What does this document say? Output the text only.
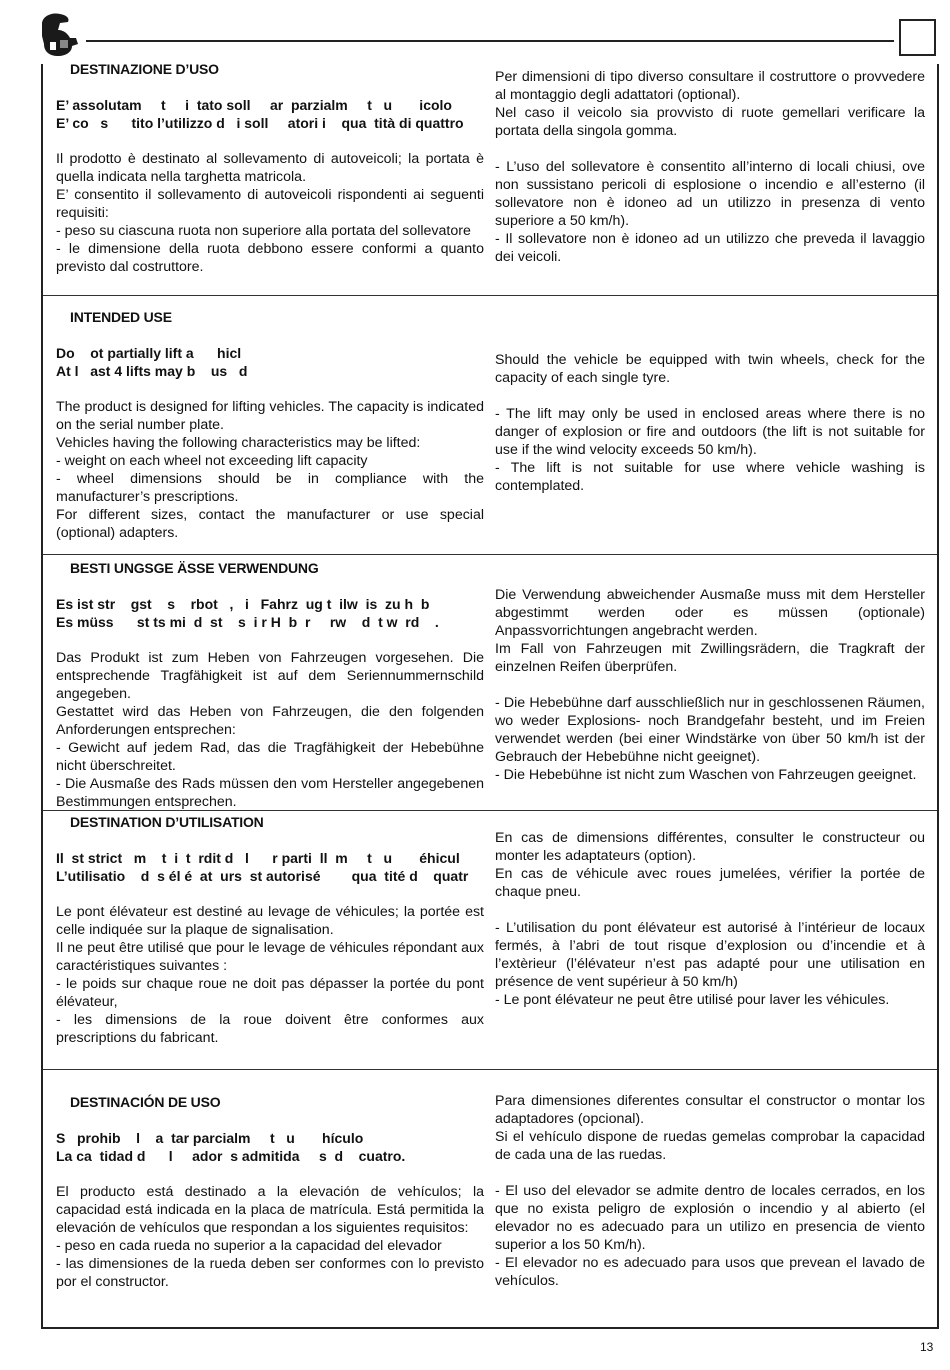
DESTINAZIONE D’USO

E’ assolutam     t     i  tato soll     ar  parzialm     t   u       icolo

E’ co   s      tito l’utilizzo d   i soll     atori i    qua  tità di quattro

Il prodotto è destinato al sollevamento di autoveicoli; la portata è quella indicata nella targhetta matricola.

E’ consentito il sollevamento di autoveicoli rispondenti ai seguenti requisiti:

- peso su ciascuna ruota non superiore alla portata del sollevatore

- le dimensione della ruota debbono essere conformi a quanto previsto dal costruttore.

Per dimensioni di tipo diverso consultare il costruttore o provvedere al montaggio degli adattatori (optional).

Nel caso il veicolo sia provvisto di ruote gemellari verificare la portata della singola gomma.

- L’uso del sollevatore è consentito all’interno di locali chiusi, ove non sussistano pericoli di esplosione o incendio e all’esterno (il sollevatore non è idoneo ad un utilizzo in presenza di vento superiore a 50 km/h).

- Il sollevatore non è idoneo ad un utilizzo che preveda il lavaggio dei veicoli.

INTENDED USE

Do    ot partially lift a      hicl

At l   ast 4 lifts may b    us   d

The product is designed for lifting vehicles. The capacity is indicated on the serial number plate.

Vehicles having the following characteristics may be lifted:

- weight on each wheel not exceeding lift capacity

- wheel dimensions should be in compliance with the manufacturer’s prescriptions.

For different sizes, contact the manufacturer or use special (optional) adapters.

Should the vehicle be equipped with twin wheels, check for the capacity of each single tyre.

- The lift may only be used in enclosed areas where there is no danger of explosion or fire and outdoors (the lift is not suitable for use if the wind velocity exceeds 50 km/h).

- The lift is not suitable for use where vehicle washing is contemplated.

BESTI UNGSGE ÄSSE VERWENDUNG

Es ist str    gst    s    rbot   ,   i   Fahrz  ug t  ilw  is  zu h  b

Es müss      st ts mi  d  st    s  i r H  b  r     rw    d  t w  rd    .

Das Produkt ist zum Heben von Fahrzeugen vorgesehen. Die entsprechende Tragfähigkeit ist auf dem Seriennummernschild angegeben.

Gestattet wird das Heben von Fahrzeugen, die den folgenden Anforderungen entsprechen:

- Gewicht auf jedem Rad, das die Tragfähigkeit der Hebebühne nicht überschreitet.

- Die Ausmaße des Rads müssen den vom Hersteller angegebenen Bestimmungen entsprechen.

Die Verwendung abweichender Ausmaße muss mit dem Hersteller abgestimmt werden oder es müssen (optionale) Anpassvorrichtungen angebracht werden.

Im Fall von Fahrzeugen mit Zwillingsrädern, die Tragkraft der einzelnen Reifen überprüfen.

- Die Hebebühne darf ausschließlich nur in geschlossenen Räumen, wo weder Explosions- noch Brandgefahr besteht, und im Freien verwendet werden (bei einer Windstärke von über 50 km/h ist der Gebrauch der Hebebühne nicht geeignet).

- Die Hebebühne ist nicht zum Waschen von Fahrzeugen geeignet.

DESTINATION D’UTILISATION

Il  st strict   m    t  i  t  rdit d   l      r parti  ll  m     t   u       éhicul

L’utilisatio    d  s él é  at  urs  st autorisé        qua  tité d    quatr

Le pont élévateur est destiné au levage de véhicules; la portée est celle indiquée sur la plaque de signalisation.

Il ne peut être utilisé que pour le levage de véhicules répondant aux caractéristiques suivantes :

- le poids sur chaque roue ne doit pas dépasser la portée du pont élévateur,

- les dimensions de la roue doivent être conformes aux prescriptions du fabricant.

En cas de dimensions différentes, consulter le constructeur ou monter les adaptateurs (option).

En cas de véhicule avec roues jumelées, vérifier la portée de chaque pneu.

- L’utilisation du pont élévateur est autorisé à l’intérieur de locaux fermés, à l’abri de tout risque d’explosion ou d’incendie et à l’extèrieur (l’élévateur n’est pas adapté pour une utilisation en présence de vent supérieur à 50 km/h)

- Le pont élévateur ne peut être utilisé pour laver les véhicules.

DESTINACIÓN DE USO

S   prohib    l    a  tar parcialm     t   u       hículo

La ca  tidad d      l     ador  s admitida     s  d    cuatro.

El producto está destinado a la elevación de vehículos; la capacidad está indicada en la placa de matrícula. Está permitida la elevación de vehículos que respondan a los siguientes requisitos:

- peso en cada rueda no superior a la capacidad del elevador

- las dimensiones de la rueda deben ser conformes con lo previsto por el constructor.

Para dimensiones diferentes consultar el constructor o montar los adaptadores (opcional).

Si el vehículo dispone de ruedas gemelas comprobar la capacidad de cada una de las ruedas.

- El uso del elevador se admite dentro de locales cerrados, en los que no exista peligro de explosión o incendio y al abierto (el elevador no es adecuado para un utilizo en presencia de viento superior a los 50 Km/h).

- El elevador no es adecuado para usos que prevean el lavado de vehículos.

13
